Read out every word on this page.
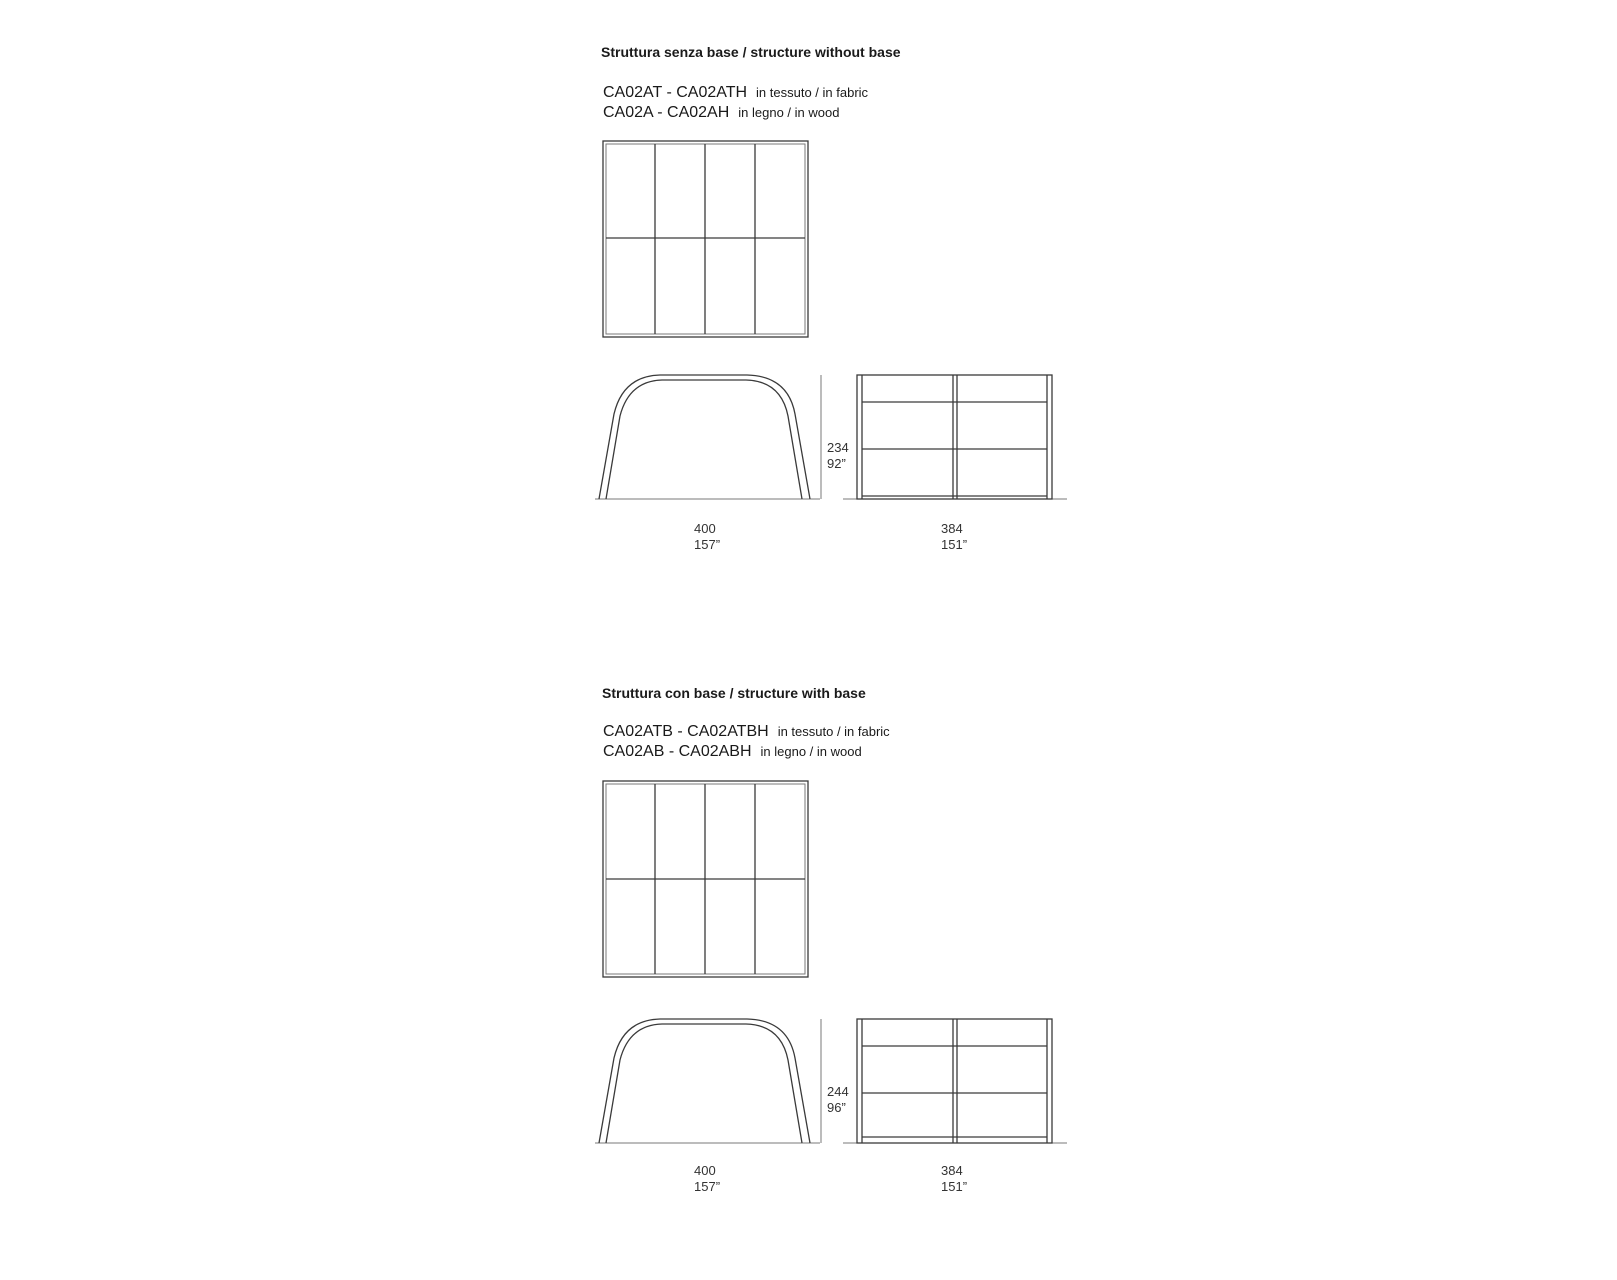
Struttura senza base / structure without base
CA02AT - CA02ATH in tessuto / in fabric
CA02A - CA02AH in legno / in wood
234
92”
400
157”
384
151”
Struttura con base / structure with base
CA02ATB - CA02ATBH in tessuto / in fabric
CA02AB - CA02ABH in legno / in wood
244
96”
400
157”
384
151”
